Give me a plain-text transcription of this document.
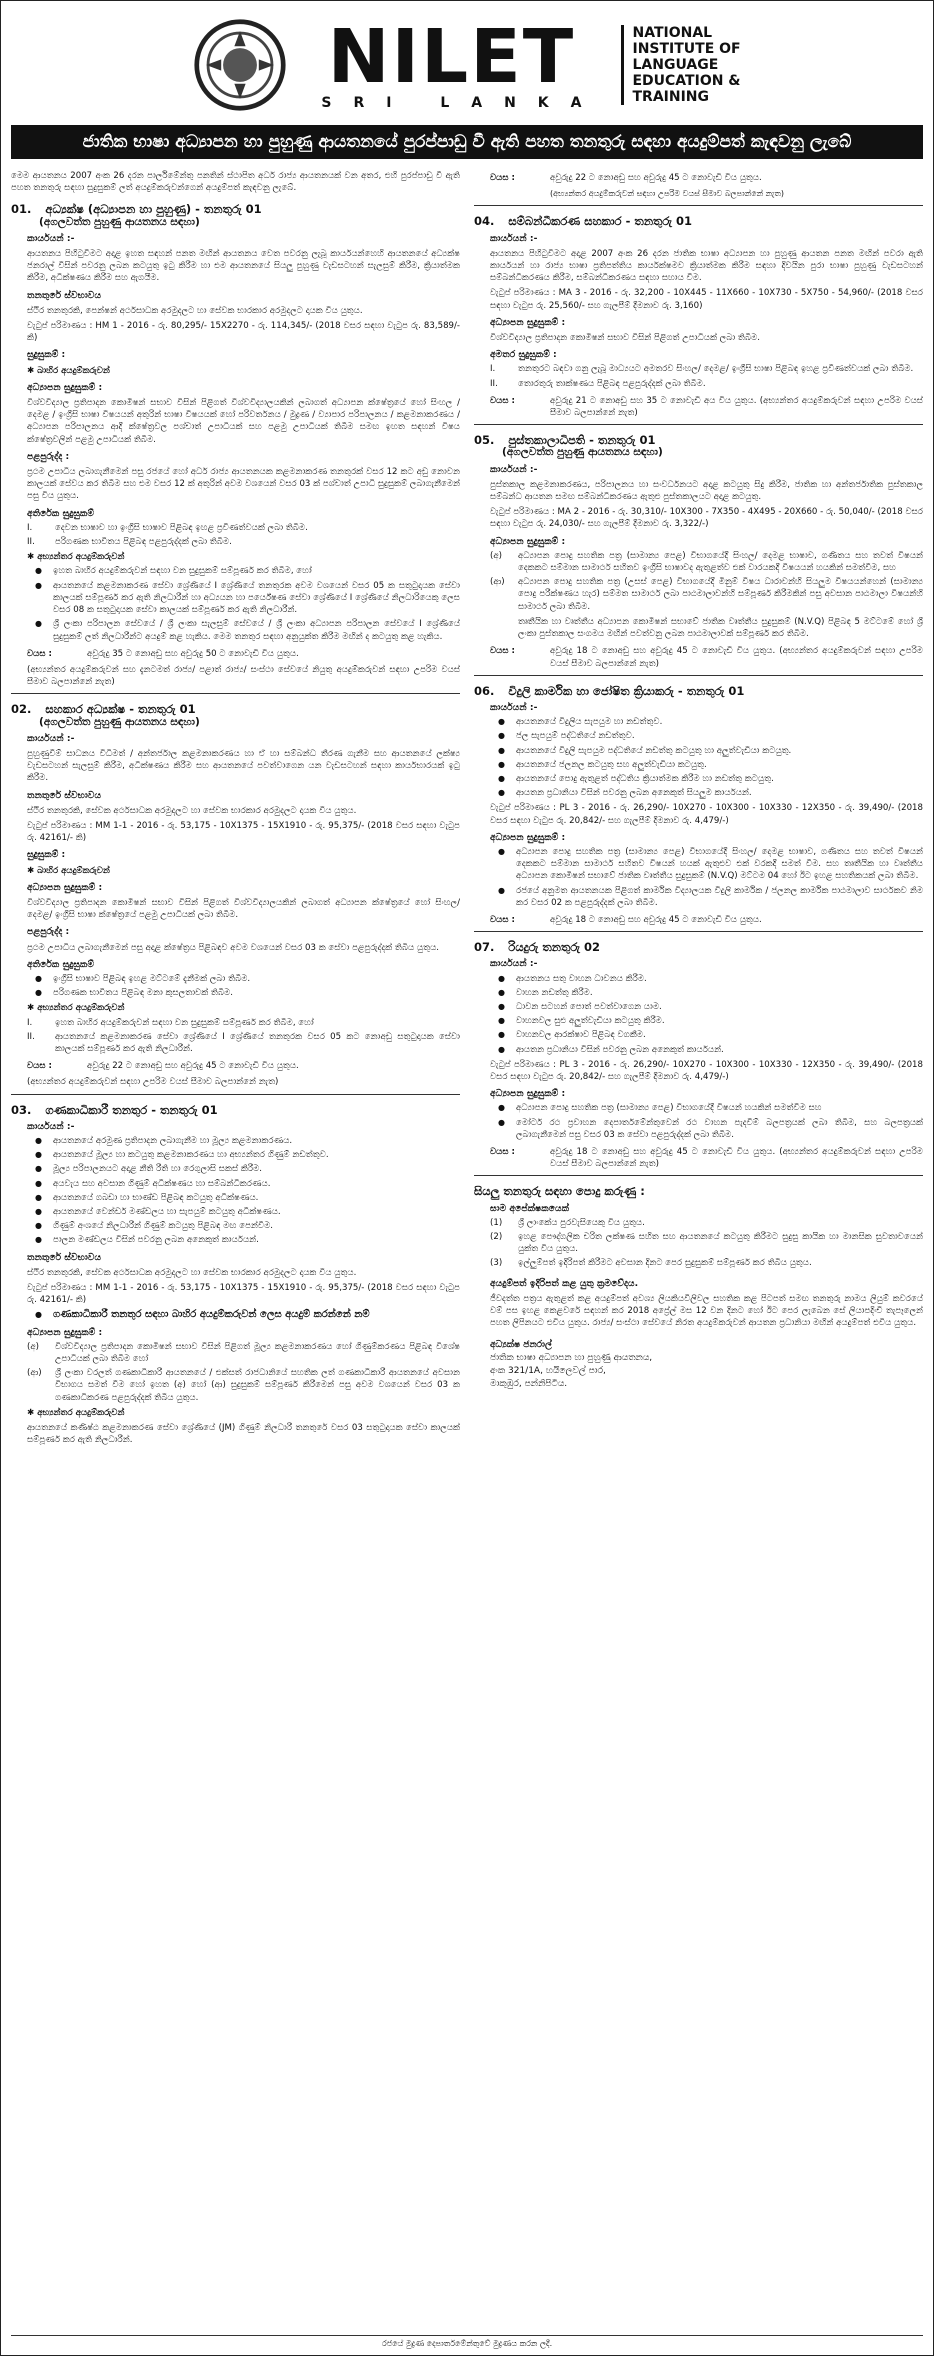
NILET
SRI LANKA
NATIONAL
INSTITUTE OF
LANGUAGE
EDUCATION &
TRAINING
ජාතික භාෂා අධ්‍යාපන හා පුහුණු ආයතනයේ පුරප්පාඩු වී ඇති පහත තනතුරු සඳහා අයදුම්පත් කැඳවනු ලැබේ
මෙම ආයතනය 2007 අංක 26 දරන පාර්ලිමේන්තු පනතින් ස්ථාපිත අර්ධ රාජ්‍ය ආයතනයක් වන අතර, එහි පුරප්පාඩු වී ඇති පහත තනතුරු සඳහා සුදුසුකම් ලත් අයදුම්කරුවන්ගෙන් අයදුම්පත් කැඳවනු ලැබේ.
01. අධ්‍යක්ෂ (අධ්‍යාපන හා පුහුණු) - තනතුරු 01
(අගලවත්ත පුහුණු ආයතනය සඳහා)
කාර්යයන් :-
ආයතනය පිහිටුවීමට අදාළ ඉහත සඳහන් පනත මඟින් ආයතනය වෙත පවරනු ලැබූ කාර්යයන්හෙහි ආයතනයේ අධ්‍යක්ෂ ජනරාල් විසින් පවරනු ලබන කටයුතු ඉටු කිරීම හා එම ආයතනයේ සියලු පුහුණු වැඩසටහන් සැලසුම් කිරීම, ක්‍රියාත්මක කිරීම, අධීක්ෂණය කිරීම සහ ඇගයීම.
තනතුරේ ස්වභාවය
ස්ථිර තනතුරකි, පෙන්ෂන් අර්ථසාධක අරමුදලට හා සේවක භාරකාර අරමුදලට දායක විය යුතුය.
වැටුප් පරිමාණය : HM 1 - 2016 - රු. 80,295/- 15X2270 - රු. 114,345/- (2018 වසර සඳහා වැටුප රු. 83,589/- කි)
සුදුසුකම් :
✱ බාහිර අයදුම්කරුවන්
අධ්‍යාපන සුදුසුකම් :
විශ්වවිද්‍යාල ප්‍රතිපාදන කොමිෂන් සභාව විසින් පිළිගත් විශ්වවිද්‍යාලයකින් ලබාගත් අධ්‍යාපන ක්ෂේත්‍රයේ හෝ සිංහල / දෙමළ / ඉංග්‍රීසි භාෂා විෂයයන් අතුරින් භාෂා විෂයයක් හෝ පරිවර්තනය / මුද්‍රණ / ව්‍යාපාර පරිපාලනය / කළමනාකරණය / අධ්‍යාපන පරිපාලනය ආදී ක්ෂේත්‍රවල පශ්චාත් උපාධියක් සහ පළමු උපාධියක් තිබීම සමඟ ඉහත සඳහන් විෂය ක්ෂේත්‍රවලින් පළමු උපාධියක් තිබීම.
පළපුරුද්ද :
ප්‍රථම උපාධිය ලබාගැනීමෙන් පසු රජයේ හෝ අර්ධ රාජ්‍ය ආයතනයක කළමනාකරණ තනතුරක් වසර 12 කට අඩු නොවන කාලයක් සේවය කර තිබීම සහ එම වසර 12 ක් අතුරින් අවම වශයෙන් වසර 03 ක් පශ්චාත් උපාධි සුදුසුකම් ලබාගැනීමෙන් පසු විය යුතුය.
අතිරේක සුදුසුකම්
I.	දෙවන භාෂාව හා ඉංග්‍රීසි භාෂාව පිළිබඳ ඉහළ ප්‍රවීණත්වයක් ලබා තිබීම.
II.	පරිගණක භාවිතය පිළිබඳ පළපුරුද්දක් ලබා තිබීම.
✱ අභ්‍යන්තර අයදුම්කරුවන්
● ඉහත බාහිර අයදුම්කරුවන් සඳහා වන සුදුසුකම් සම්පූර්ණ කර තිබීම, හෝ
● ආයතනයේ කළමනාකරණ සේවා ශ්‍රේණියේ I ශ්‍රේණියේ තනතුරක අවම වශයෙන් වසර 05 ක සතුටුදායක සේවා කාලයක් සම්පූර්ණ කර ඇති නිලධාරීන් හා අධ්‍යයන හා පර්යේෂණ සේවා ශ්‍රේණියේ I ශ්‍රේණියේ නිලධාරියෙකු ලෙස වසර 08 ක සතුටුදායක සේවා කාලයක් සම්පූර්ණ කර ඇති නිලධාරීන්.
● ශ්‍රී ලංකා පරිපාලන සේවයේ / ශ්‍රී ලංකා සැලසුම් සේවයේ / ශ්‍රී ලංකා අධ්‍යාපන පරිපාලන සේවයේ I ශ්‍රේණියේ සුදුසුකම් ලත් නිලධාරීන්ට අයදුම් කළ හැකිය. මෙම තනතුර සඳහා අනුයුක්ත කිරීම මඟින් ද කටයුතු කළ හැකිය.
වයස :	අවුරුදු 35 ට නොඅඩු සහ අවුරුදු 50 ට නොවැඩි විය යුතුය.
(අභ්‍යන්තර අයදුම්කරුවන් සහ දැනටමත් රාජ්‍ය/ පළාත් රාජ්‍ය/ සංස්ථා සේවයේ නියුතු අයදුම්කරුවන් සඳහා උපරිම වයස් සීමාව බලපාන්නේ නැත)
02. සහකාර අධ්‍යක්ෂ - තනතුරු 01
(අගලවත්ත පුහුණු ආයතනය සඳහා)
කාර්යයන් :-
පුහුණුවීම් සාධනය විධිමත් / අන්තර්ජාල කළමනාකරණය හා ඒ හා සම්බන්ධ තීරණ ගැනීම සහ ආයතනයේ ලක්ෂ්‍ය වැඩසටහන් සැලසුම් කිරීම, අධීක්ෂණය කිරීම සහ ආයතනයේ පවත්වාගෙන යන වැඩසටහන් සඳහා කාර්යභාරයක් ඉටු කිරීම.
තනතුරේ ස්වභාවය
ස්ථිර තනතුරකි, සේවක අර්ථසාධක අරමුදලට හා සේවක භාරකාර අරමුදලට දායක විය යුතුය.
වැටුප් පරිමාණය : MM 1-1 - 2016 - රු. 53,175 - 10X1375 - 15X1910 - රු. 95,375/- (2018 වසර සඳහා වැටුප රු. 42161/- කි)
සුදුසුකම් :
✱ බාහිර අයදුම්කරුවන්
අධ්‍යාපන සුදුසුකම් :
විශ්වවිද්‍යාල ප්‍රතිපාදන කොමිෂන් සභාව විසින් පිළිගත් විශ්වවිද්‍යාලයකින් ලබාගත් අධ්‍යාපන ක්ෂේත්‍රයේ හෝ සිංහල/ දෙමළ/ ඉංග්‍රීසි භාෂා ක්ෂේත්‍රයේ පළමු උපාධියක් ලබා තිබීම.
පළපුරුද්ද :
ප්‍රථම උපාධිය ලබාගැනීමෙන් පසු අදාළ ක්ෂේත්‍රය පිළිබඳව අවම වශයෙන් වසර 03 ක සේවා පළපුරුද්දක් තිබිය යුතුය.
අතිරේක සුදුසුකම්
● ඉංග්‍රීසි භාෂාව පිළිබඳ ඉහළ මට්ටමේ දැනීමක් ලබා තිබීම.
● පරිගණක භාවිතය පිළිබඳ මනා කුසලතාවක් තිබීම.
✱ අභ්‍යන්තර අයදුම්කරුවන්
I.	ඉහත බාහිර අයදුම්කරුවන් සඳහා වන සුදුසුකම් සම්පූර්ණ කර තිබීම, හෝ
II.	ආයතනයේ කළමනාකරණ සේවා ශ්‍රේණියේ I ශ්‍රේණියේ තනතුරක වසර 05 කට නොඅඩු සතුටුදායක සේවා කාලයක් සම්පූර්ණ කර ඇති නිලධාරීන්.
වයස :	අවුරුදු 22 ට නොඅඩු සහ අවුරුදු 45 ට නොවැඩි විය යුතුය.
(අභ්‍යන්තර අයදුම්කරුවන් සඳහා උපරිම වයස් සීමාව බලපාන්නේ නැත)
03. ගණකාධිකාරී තනතුර - තනතුරු 01
කාර්යයන් :-
● ආයතනයේ අරමුණ ප්‍රතිපාදන ලබාගැනීම හා මූල්‍ය කළමනාකරණය.
● ආයතනයේ මූල්‍ය හා කටයුතු කළමනාකරණය හා අභ්‍යන්තර ගිණුම් නඩත්තුව.
● මූල්‍ය පරිපාලනයට අදාළ නීති රීති හා රෙගුලාසි සකස් කිරීම.
● අයවැය සහ අවසාන ගිණුම් අධීක්ෂණය හා සම්බන්ධීකරණය.
● ආයතනයේ ගබඩා හා භාණ්ඩ පිළිබඳ කටයුතු අධීක්ෂණය.
● ආයතනයේ වෙන්ඩර් මණ්ඩලය හා සැපයුම් කටයුතු අධීක්ෂණය.
● ගිණුම් අංශයේ නිලධාරීන් ගිණුම් කටයුතු පිළිබඳ මඟ පෙන්වීම.
● පාලන මණ්ඩලය විසින් පවරනු ලබන අනෙකුත් කාර්යයන්.
තනතුරේ ස්වභාවය
ස්ථිර තනතුරකි, සේවක අර්ථසාධක අරමුදලට හා සේවක භාරකාර අරමුදලට දායක විය යුතුය.
වැටුප් පරිමාණය : MM 1-1 - 2016 - රු. 53,175 - 10X1375 - 15X1910 - රු. 95,375/- (2018 වසර සඳහා වැටුප රු. 42161/- කි)
● ගණකාධිකාරී තනතුර සඳහා බාහිර අයදුම්කරුවන් ලෙස අයදුම් කරන්නේ නම්
අධ්‍යාපන සුදුසුකම් :
(අ)	විශ්වවිද්‍යාල ප්‍රතිපාදන කොමිෂන් සභාව විසින් පිළිගත් මූල්‍ය කළමනාකරණය හෝ ගිණුම්කරණය පිළිබඳ විශේෂ උපාධියක් ලබා තිබීම හෝ
(ආ)	ශ්‍රී ලංකා වරලත් ගණකාධිකාරී ආයතනයේ / එක්සත් රාජධානියේ සහතික ලත් ගණකාධිකාරී ආයතනයේ අවසාන විභාගය සමත් වීම හෝ ඉහත (අ) හෝ (ආ) සුදුසුකම් සම්පූර්ණ කිරීමෙන් පසු අවම වශයෙන් වසර 03 ක ගණකාධිකරණ පළපුරුද්දක් තිබිය යුතුය.
✱ අභ්‍යන්තර අයදුම්කරුවන්
ආයතනයේ කණිෂ්ඨ කළමනාකරණ සේවා ශ්‍රේණියේ (JM) ගිණුම් නිලධාරී තනතුරේ වසර 03 සතුටුදායක සේවා කාලයක් සම්පූර්ණ කර ඇති නිලධාරීන්.
වයස :	අවුරුදු 22 ට නොඅඩු සහ අවුරුදු 45 ට නොවැඩි විය යුතුය.
(අභ්‍යන්තර අයදුම්කරුවන් සඳහා උපරිම වයස් සීමාව බලපාන්නේ නැත)
04. සම්බන්ධීකරණ සහකාර - තනතුරු 01
කාර්යයන් :-
ආයතනය පිහිටුවීමට අදාළ 2007 අංක 26 දරන ජාතික භාෂා අධ්‍යාපන හා පුහුණු ආයතන පනත මඟින් පවරා ඇති කාර්යයන් හා රාජ්‍ය භාෂා ප්‍රතිපත්තිය කාර්යක්ෂමව ක්‍රියාත්මක කිරීම සඳහා දිවයින පුරා භාෂා පුහුණු වැඩසටහන් සම්බන්ධීකරණය කිරීම, සම්බන්ධීකරණය සඳහා සහාය වීම.
වැටුප් පරිමාණය : MA 3 - 2016 - රු. 32,200 - 10X445 - 11X660 - 10X730 - 5X750 - 54,960/- (2018 වසර සඳහා වැටුප රු. 25,560/- සහ ගැලපීම් දීමනාව රු. 3,160)
අධ්‍යාපන සුදුසුකම් :
විශ්වවිද්‍යාල ප්‍රතිපාදන කොමිෂන් සභාව විසින් පිළිගත් උපාධියක් ලබා තිබීම.
අමතර සුදුසුකම් :
I.	තනතුරට බඳවා ගනු ලැබූ මාධ්‍යයට අමතරව සිංහල/ දෙමළ/ ඉංග්‍රීසි භාෂා පිළිබඳ ඉහළ ප්‍රවීණත්වයක් ලබා තිබීම.
II.	තොරතුරු තාක්ෂණය පිළිබඳ පළපුරුද්දක් ලබා තිබීම.
වයස :	අවුරුදු 21 ට නොඅඩු සහ 35 ට නොවැඩි අය විය යුතුය. (අභ්‍යන්තර අයදුම්කරුවන් සඳහා උපරිම වයස් සීමාව බලපාන්නේ නැත)
05. පුස්තකාලාධිපති - තනතුරු 01
(අගලවත්ත පුහුණු ආයතනය සඳහා)
කාර්යයන් :-
පුස්තකාල කළමනාකරණය, පරිපාලනය හා සංවර්ධනයට අදාළ කටයුතු සිදු කිරීම, ජාතික හා අන්තර්ජාතික පුස්තකාල සම්බන්ධ ආයතන සමඟ සම්බන්ධීකරණය ඇතුළු පුස්තකාලයට අදාළ කටයුතු.
වැටුප් පරිමාණය : MA 2 - 2016 - රු. 30,310/- 10X300 - 7X350 - 4X495 - 20X660 - රු. 50,040/- (2018 වසර සඳහා වැටුප රු. 24,030/- සහ ගැලපීම් දීමනාව රු. 3,322/-)
අධ්‍යාපන සුදුසුකම් :
(අ)	අධ්‍යාපන පොදු සහතික පත්‍ර (සාමාන්‍ය පෙළ) විභාගයේදී සිංහල/ දෙමළ භාෂාව, ගණිතය සහ තවත් විෂයන් දෙකකට සම්මාන සාමාර්ථ සහිතව ඉංග්‍රීසි භාෂාවද ඇතුළත්ව එක් වාරයකදී විෂයයන් හයකින් සමත්වීම, සහ
(ආ)	අධ්‍යාපන පොදු සහතික පත්‍ර (උසස් පෙළ) විභාගයේදී මිනුම් විෂය ධාරාවන්හි සියලුම විෂයයන්හෙන් (සාමාන්‍ය පොදු පරීක්ෂණය හැර) සම්මත සාමාර්ථ ලබා පාඨමාලාවන්හි සම්පූර්ණ කිරීමකින් පසු අවසාන පාඨමාලා විෂයන්හි සාමාර්ථ ලබා තිබීම.
තෘතීයික හා වෘත්තීය අධ්‍යාපන කොමිෂන් සභාවේ ජාතික වෘත්තීය සුදුසුකම් (N.V.Q) පිළිබඳ 5 මට්ටමේ හෝ ශ්‍රී ලංකා පුස්තකාල සංගමය මඟින් පවත්වනු ලබන පාඨමාලාවක් සම්පූර්ණ කර තිබීම.
වයස :	අවුරුදු 18 ට නොඅඩු සහ අවුරුදු 45 ට නොවැඩි විය යුතුය. (අභ්‍යන්තර අයදුම්කරුවන් සඳහා උපරිම වයස් සීමාව බලපාන්නේ නැත)
06. විදුලි කාර්මික හා ජෝෂිත ක්‍රියාකරු - තනතුරු 01
කාර්යයන් :-
● ආයතනයේ විදුලිය සැපයුම හා නඩත්තුව.
● ජල සැපයුම් පද්ධතියේ නඩත්තුව.
● ආයතනයේ විදුලි සැපයුම පද්ධතියේ නඩත්තු කටයුතු හා අලුත්වැඩියා කටයුතු.
● ආයතනයේ ජලනල කටයුතු සහ අලුත්වැඩියා කටයුතු.
● ආයතනයේ පොදු ඇතුළත් පද්ධතිය ක්‍රියාත්මක කිරීම හා නඩත්තු කටයුතු.
● ආයතන ප්‍රධානියා විසින් පවරනු ලබන අනෙකුත් සියලුම කාර්යයන්.
වැටුප් පරිමාණය : PL 3 - 2016 - රු. 26,290/- 10X270 - 10X300 - 10X330 - 12X350 - රු. 39,490/- (2018 වසර සඳහා වැටුප රු. 20,842/- සහ ගැලපීම් දීමනාව රු. 4,479/-)
අධ්‍යාපන සුදුසුකම් :
● අධ්‍යාපන පොදු සහතික පත්‍ර (සාමාන්‍ය පෙළ) විභාගයේදී සිංහල/ දෙමළ භාෂාව, ගණිතය සහ තවත් විෂයන් දෙකකට සම්මාන සාමාර්ථ සහිතව විෂයන් හයක් ඇතුළුව එක් වරකදී සමත් වීම. සහ තෘතීයික හා වෘත්තීය අධ්‍යාපන කොමිෂන් සභාවේ ජාතික වෘත්තීය සුදුසුකම් (N.V.Q) මට්ටම 04 හෝ ඊට ඉහළ සහතිකයක් ලබා තිබීම.
● රජයේ අනුමත ආයතනයක පිළිගත් කාර්මික විද්‍යාලයක විදුලි කාර්මික / ජලනල කාර්මික පාඨමාලාව සාර්ථකව නිම කර වසර 02 ක පළපුරුද්දක් ලබා තිබීම.
වයස :	අවුරුදු 18 ට නොඅඩු සහ අවුරුදු 45 ට නොවැඩි විය යුතුය.
07. රියදුරු තනතුරු 02
කාර්යයන් :-
● ආයතනය සතු වාහන ධාවනය කිරීම.
● වාහන නඩත්තු කිරීම.
● ධාවන සටහන් පොත් පවත්වාගෙන යාම.
● වාහනවල සුළු අලුත්වැඩියා කටයුතු කිරීම.
● වාහනවල ආරක්ෂාව පිළිබඳ වගකීම.
● ආයතන ප්‍රධානියා විසින් පවරනු ලබන අනෙකුත් කාර්යයන්.
වැටුප් පරිමාණය : PL 3 - 2016 - රු. 26,290/- 10X270 - 10X300 - 10X330 - 12X350 - රු. 39,490/- (2018 වසර සඳහා වැටුප රු. 20,842/- සහ ගැලපීම් දීමනාව රු. 4,479/-)
අධ්‍යාපන සුදුසුකම් :
● අධ්‍යාපන පොදු සහතික පත්‍ර (සාමාන්‍ය පෙළ) විභාගයේදී විෂයන් හයකින් සමත්වීම සහ
● මෝටර් රථ ප්‍රවාහන දෙපාර්තමේන්තුවෙන් රථ වාහන පැදවීම් බලපත්‍රයක් ලබා තිබීම, සහ බලපත්‍රයක් ලබාගැනීමෙන් පසු වසර 03 ක සේවා පළපුරුද්දක් ලබා තිබීම.
වයස :	අවුරුදු 18 ට නොඅඩු සහ අවුරුදු 45 ට නොවැඩි විය යුතුය. (අභ්‍යන්තර අයදුම්කරුවන් සඳහා උපරිම වයස් සීමාව බලපාන්නේ නැත)
සියලු තනතුරු සඳහා පොදු කරුණු :
සාම අපේක්ෂකයෙක්
(1)	ශ්‍රී ලාංකේය පුරවැසියෙකු විය යුතුය.
(2)	ඉහළ පෞද්ගලික චරිත ලක්ෂණ සහිත සහ ආයතනයේ කටයුතු කිරීමට සුදුසු කායික හා මානසික සුවතාවයෙන් යුක්ත විය යුතුය.
(3)	ඉල්ලුම්පත් ඉදිරිපත් කිරීමට අවසාන දිනට පෙර සුදුසුකම් සම්පූර්ණ කර තිබිය යුතුය.
අයදුම්පත් ඉදිරිපත් කළ යුතු ක්‍රමවේදය.
ජීවදත්ත පත්‍රය ඇතුළත් කළ අයදුම්පත් අවශ්‍ය ලියකියවිලිවල සහතික කළ පිටපත් සමඟ තනතුරු නාමය ලියුම් කවරයේ වම් පස ඉහළ කෙළවරේ සඳහන් කර 2018 අප්‍රේල් මස 12 වන දිනට හෝ ඊට පෙර ලැබෙන සේ ලියාපදිංචි තැපෑලෙන් පහත ලිපිනයට එවිය යුතුය. රාජ්‍ය/ සංස්ථා සේවයේ නිරත අයදුම්කරුවන් ආයතන ප්‍රධානියා මඟින් අයදුම්පත් එවිය යුතුය.
අධ්‍යක්ෂ ජනරාල්
ජාතික භාෂා අධ්‍යාපන හා පුහුණු ආයතනය,
අංක 321/1A, හයිලෙවල් පාර,
මාකුඹුර, පන්නිපිටිය.
රජයේ මුද්‍රණ දෙපාර්තමේන්තුවේ මුද්‍රණය කරන ලදී.
